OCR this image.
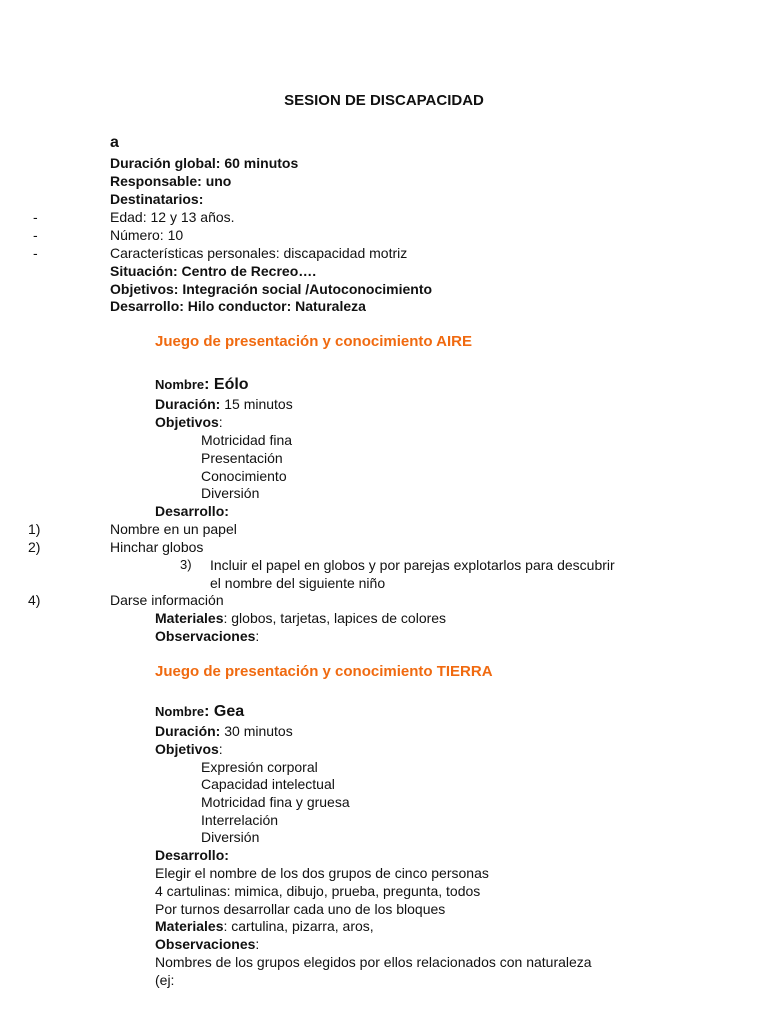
SESION DE DISCAPACIDAD
a
Duración global: 60 minutos
Responsable: uno
Destinatarios:
-	Edad: 12 y 13 años.
-	Número: 10
-	Características personales: discapacidad motriz
Situación: Centro de Recreo….
Objetivos: Integración social /Autoconocimiento
Desarrollo: Hilo conductor: Naturaleza
Juego de presentación y conocimiento AIRE
Nombre: Eólo
Duración: 15 minutos
Objetivos:
Motricidad fina
Presentación
Conocimiento
Diversión
Desarrollo:
1)	Nombre en un papel
2)	Hinchar globos
3) Incluir el papel en globos y por parejas explotarlos para descubrir
el nombre del siguiente niño
4)	Darse información
Materiales: globos, tarjetas, lapices de colores
Observaciones:
Juego de presentación y conocimiento TIERRA
Nombre: Gea
Duración: 30 minutos
Objetivos:
Expresión corporal
Capacidad intelectual
Motricidad fina y gruesa
Interrelación
Diversión
Desarrollo:
Elegir el nombre de los dos grupos de cinco personas
4 cartulinas: mimica, dibujo, prueba, pregunta, todos
Por turnos desarrollar cada uno de los bloques
Materiales: cartulina, pizarra, aros,
Observaciones:
Nombres de los grupos elegidos por ellos relacionados con naturaleza
(ej:
